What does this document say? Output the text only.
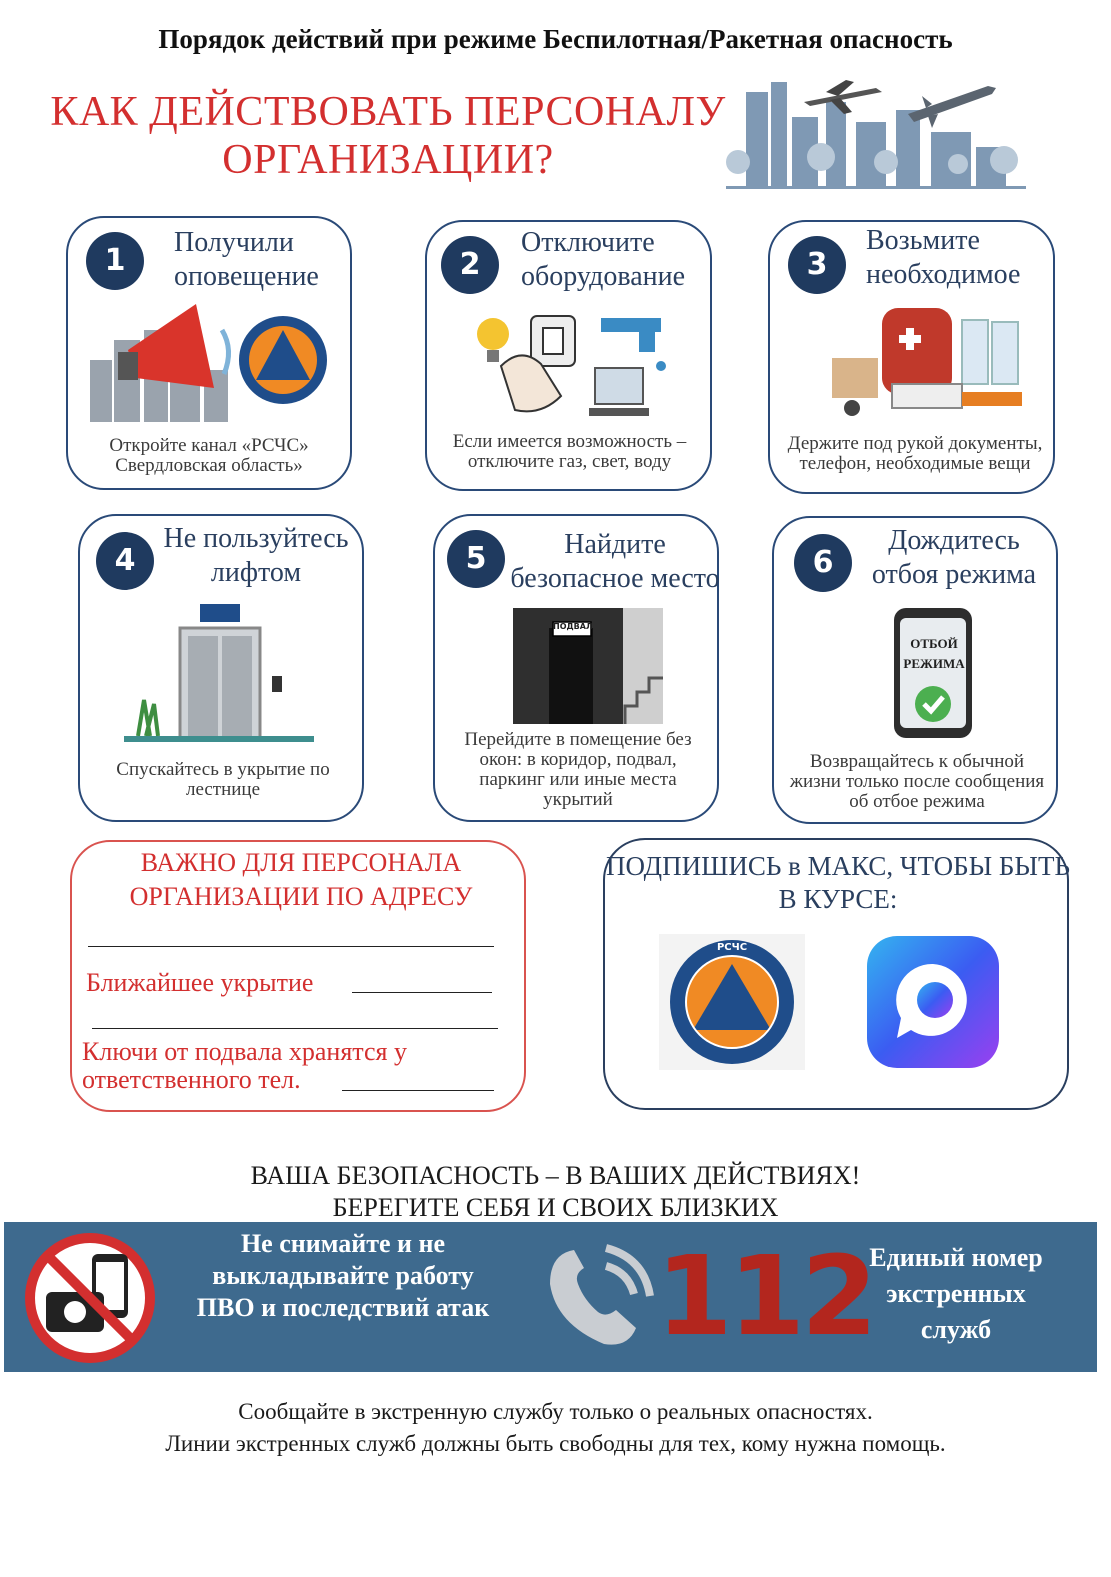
Порядок действий при режиме Беспилотная/Ракетная опасность
КАК ДЕЙСТВОВАТЬ ПЕРСОНАЛУ ОРГАНИЗАЦИИ?
1
Получили оповещение
Откройте канал «РСЧС» Свердловская область»
2
Отключите оборудование
Если имеется возможность – отключите газ, свет, воду
3
Возьмите необходимое
Держите под рукой документы, телефон, необходимые вещи
4
Не пользуйтесь лифтом
Спускайтесь в укрытие по лестнице
5	Найдите безопасное место
ПОДВАЛ
Перейдите в помещение без окон: в коридор, подвал, паркинг или иные места укрытий
6
Дождитесь отбоя режима
ОТБОЙ РЕЖИМА
Возвращайтесь к обычной жизни только после сообщения об отбое режима
ВАЖНО ДЛЯ ПЕРСОНАЛА ОРГАНИЗАЦИИ ПО АДРЕСУ
Ближайшее укрытие
Ключи от подвала хранятся у ответственного тел.
ПОДПИШИСЬ в МАКС, ЧТОБЫ БЫТЬ В КУРСЕ:
РСЧС
ВАША БЕЗОПАСНОСТЬ – В ВАШИХ ДЕЙСТВИЯХ!
БЕРЕГИТЕ СЕБЯ И СВОИХ БЛИЗКИХ
Не снимайте и не выкладывайте работу ПВО и последствий атак 112
Единый номер экстренных служб
Сообщайте в экстренную службу только о реальных опасностях.
Линии экстренных служб должны быть свободны для тех, кому нужна помощь.
